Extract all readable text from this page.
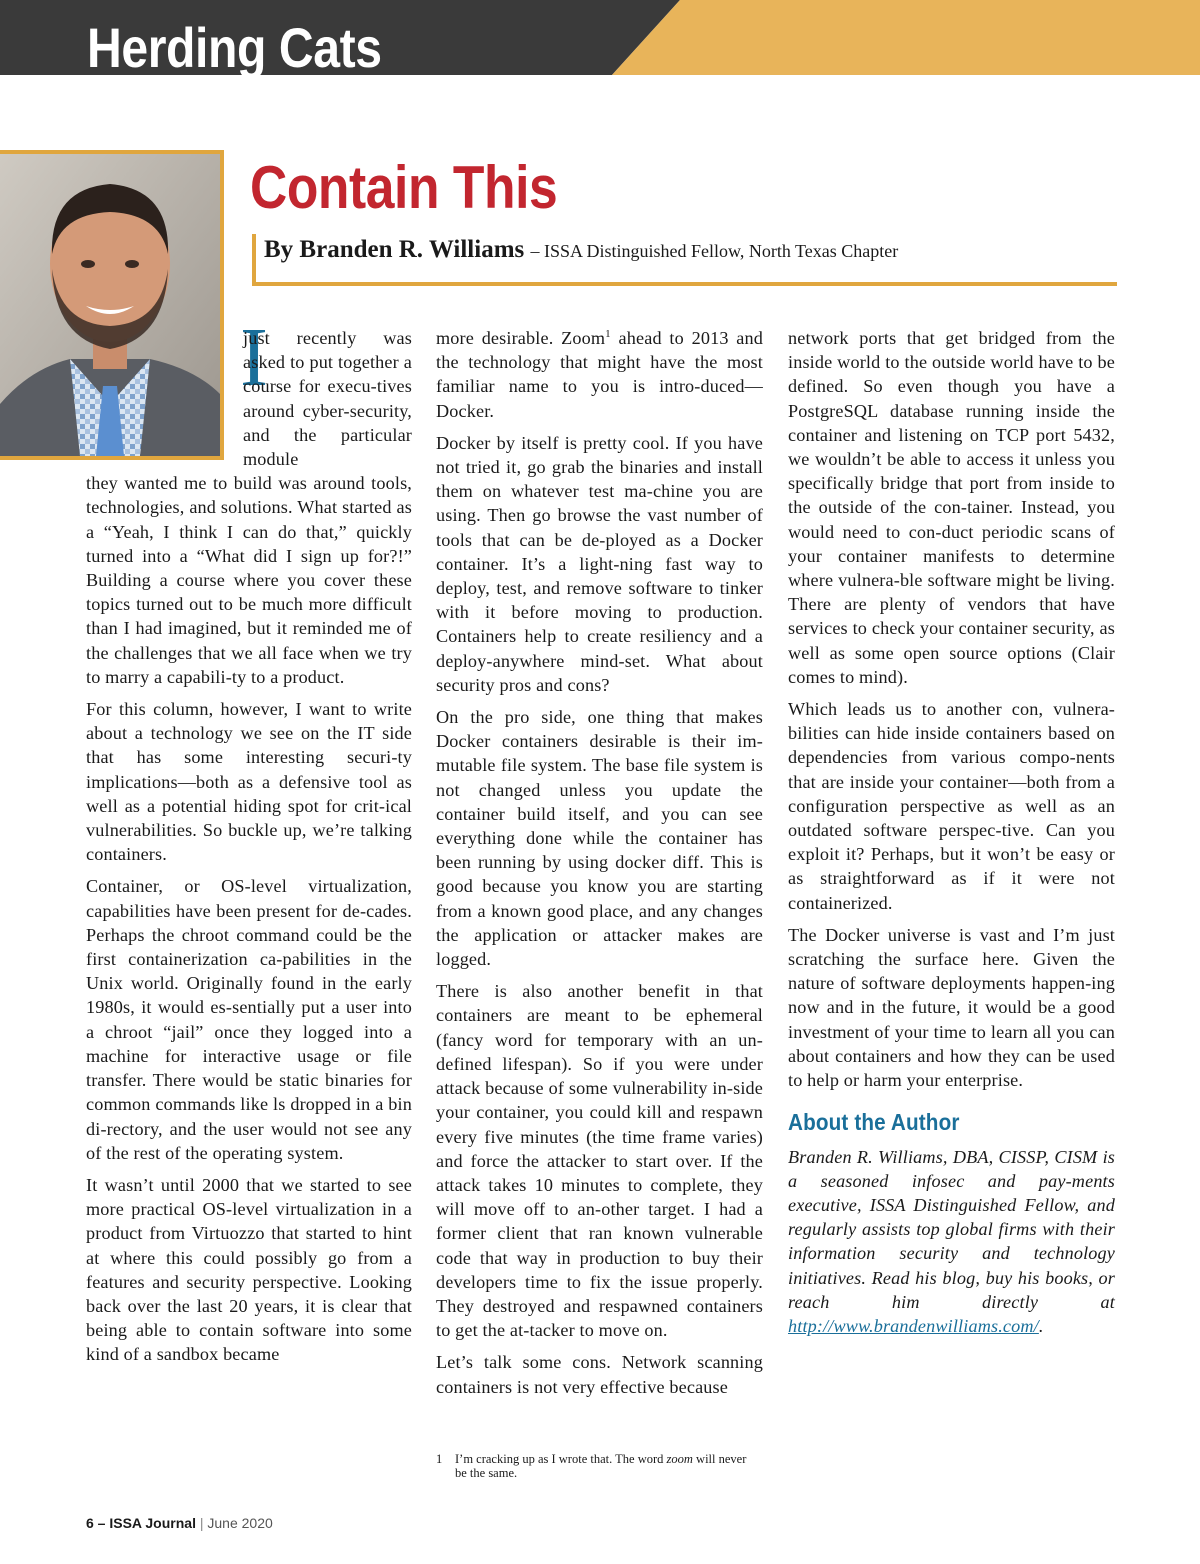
Herding Cats
Contain This
By Branden R. Williams – ISSA Distinguished Fellow, North Texas Chapter
I

just recently was asked to put together a course for execu-tives around cyber-security, and the particular module
they wanted me to build was around tools, technologies, and solutions. What started as a “Yeah, I think I can do that,” quickly turned into a “What did I sign up for?!” Building a course where you cover these topics turned out to be much more difficult than I had imagined, but it reminded me of the challenges that we all face when we try to marry a capabili-ty to a product.

For this column, however, I want to write about a technology we see on the IT side that has some interesting securi-ty implications—both as a defensive tool as well as a potential hiding spot for crit-ical vulnerabilities. So buckle up, we’re talking containers.

Container, or OS-level virtualization, capabilities have been present for de-cades. Perhaps the chroot command could be the first containerization ca-pabilities in the Unix world. Originally found in the early 1980s, it would es-sentially put a user into a chroot “jail” once they logged into a machine for interactive usage or file transfer. There would be static binaries for common commands like ls dropped in a bin di-rectory, and the user would not see any of the rest of the operating system.

It wasn’t until 2000 that we started to see more practical OS-level virtualization in a product from Virtuozzo that started to hint at where this could possibly go from a features and security perspective. Looking back over the last 20 years, it is clear that being able to contain software into some kind of a sandbox became

more desirable. Zoom$^1$ ahead to 2013 and the technology that might have the most familiar name to you is intro-duced—Docker.

Docker by itself is pretty cool. If you have not tried it, go grab the binaries and install them on whatever test ma-chine you are using. Then go browse the vast number of tools that can be de-ployed as a Docker container. It’s a light-ning fast way to deploy, test, and remove software to tinker with it before moving to production. Containers help to create resiliency and a deploy-anywhere mind-set. What about security pros and cons?

On the pro side, one thing that makes Docker containers desirable is their im-mutable file system. The base file system is not changed unless you update the container build itself, and you can see everything done while the container has been running by using docker diff. This is good because you know you are starting from a known good place, and any changes the application or attacker makes are logged.

There is also another benefit in that containers are meant to be ephemeral (fancy word for temporary with an un-defined lifespan). So if you were under attack because of some vulnerability in-side your container, you could kill and respawn every five minutes (the time frame varies) and force the attacker to start over. If the attack takes 10 minutes to complete, they will move off to an-other target. I had a former client that ran known vulnerable code that way in production to buy their developers time to fix the issue properly. They destroyed and respawned containers to get the at-tacker to move on.

Let’s talk some cons. Network scanning containers is not very effective because

network ports that get bridged from the inside world to the outside world have to be defined. So even though you have a PostgreSQL database running inside the container and listening on TCP port 5432, we wouldn’t be able to access it unless you specifically bridge that port from inside to the outside of the con-tainer. Instead, you would need to con-duct periodic scans of your container manifests to determine where vulnera-ble software might be living. There are plenty of vendors that have services to check your container security, as well as some open source options (Clair comes to mind).

Which leads us to another con, vulnera-bilities can hide inside containers based on dependencies from various compo-nents that are inside your container—both from a configuration perspective as well as an outdated software perspec-tive. Can you exploit it? Perhaps, but it won’t be easy or as straightforward as if it were not containerized.

The Docker universe is vast and I’m just scratching the surface here. Given the nature of software deployments happen-ing now and in the future, it would be a good investment of your time to learn all you can about containers and how they can be used to help or harm your enterprise.

About the Author

Branden R. Williams, DBA, CISSP, CISM is a seasoned infosec and pay-ments executive, ISSA Distinguished Fellow, and regularly assists top global firms with their information security and technology initiatives. Read his blog, buy his books, or reach him directly at http://www.brandenwilliams.com/.

1	I’m cracking up as I wrote that. The word zoom will never be the same.
6 – ISSA Journal | June 2020
